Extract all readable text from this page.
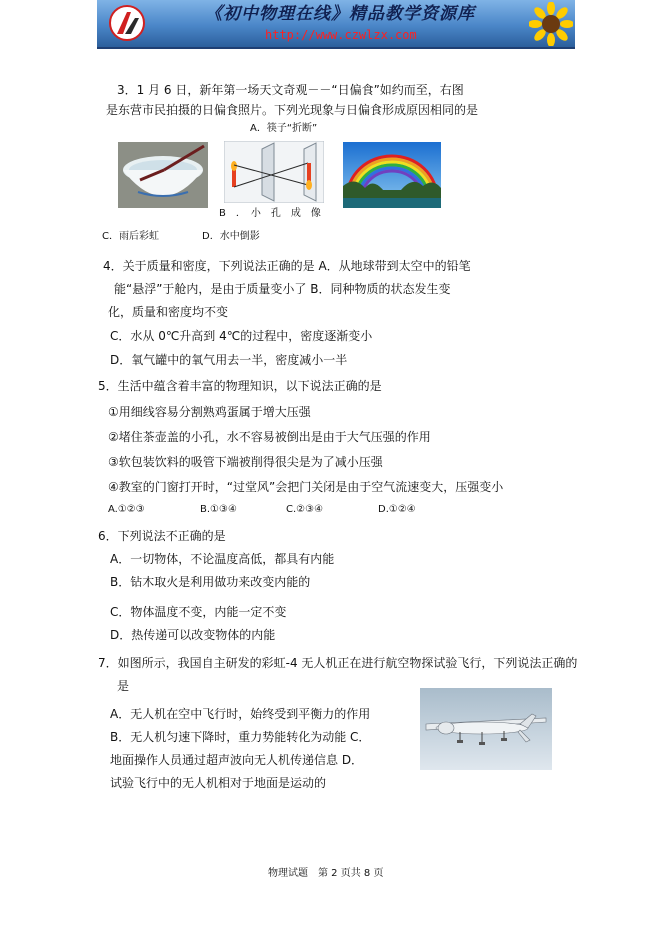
《初中物理在线》精品教学资源库
http://www.czwlzx.com
3．1 月 6 日，新年第一场天文奇观－－“日偏食”如约而至，右图
是东营市民拍摄的日偏食照片。下列光现象与日偏食形成原因相同的是
A．筷子“折断”
B　．　小　孔　成　像
C．雨后彩虹	D．水中倒影
4．关于质量和密度，下列说法正确的是 A．从地球带到太空中的铅笔
能“悬浮”于舱内，是由于质量变小了 B．同种物质的状态发生变
化，质量和密度均不变
C．水从 0℃升高到 4℃的过程中，密度逐渐变小
D．氧气罐中的氧气用去一半，密度减小一半
5．生活中蕴含着丰富的物理知识，以下说法正确的是
①用细线容易分割熟鸡蛋属于增大压强
②堵住茶壶盖的小孔，水不容易被倒出是由于大气压强的作用
③软包装饮料的吸管下端被削得很尖是为了减小压强
④教室的门窗打开时，“过堂风”会把门关闭是由于空气流速变大，压强变小
A.①②③	B.①③④	C.②③④	D.①②④
6．下列说法不正确的是
A．一切物体，不论温度高低，都具有内能
B．钻木取火是利用做功来改变内能的
C．物体温度不变，内能一定不变
D．热传递可以改变物体的内能
7．如图所示，我国自主研发的彩虹-4 无人机正在进行航空物探试验飞行，下列说法正确的
是
A．无人机在空中飞行时，始终受到平衡力的作用
B．无人机匀速下降时，重力势能转化为动能 C．
地面操作人员通过超声波向无人机传递信息 D．
试验飞行中的无人机相对于地面是运动的
物理试题　第 2 页共 8 页
